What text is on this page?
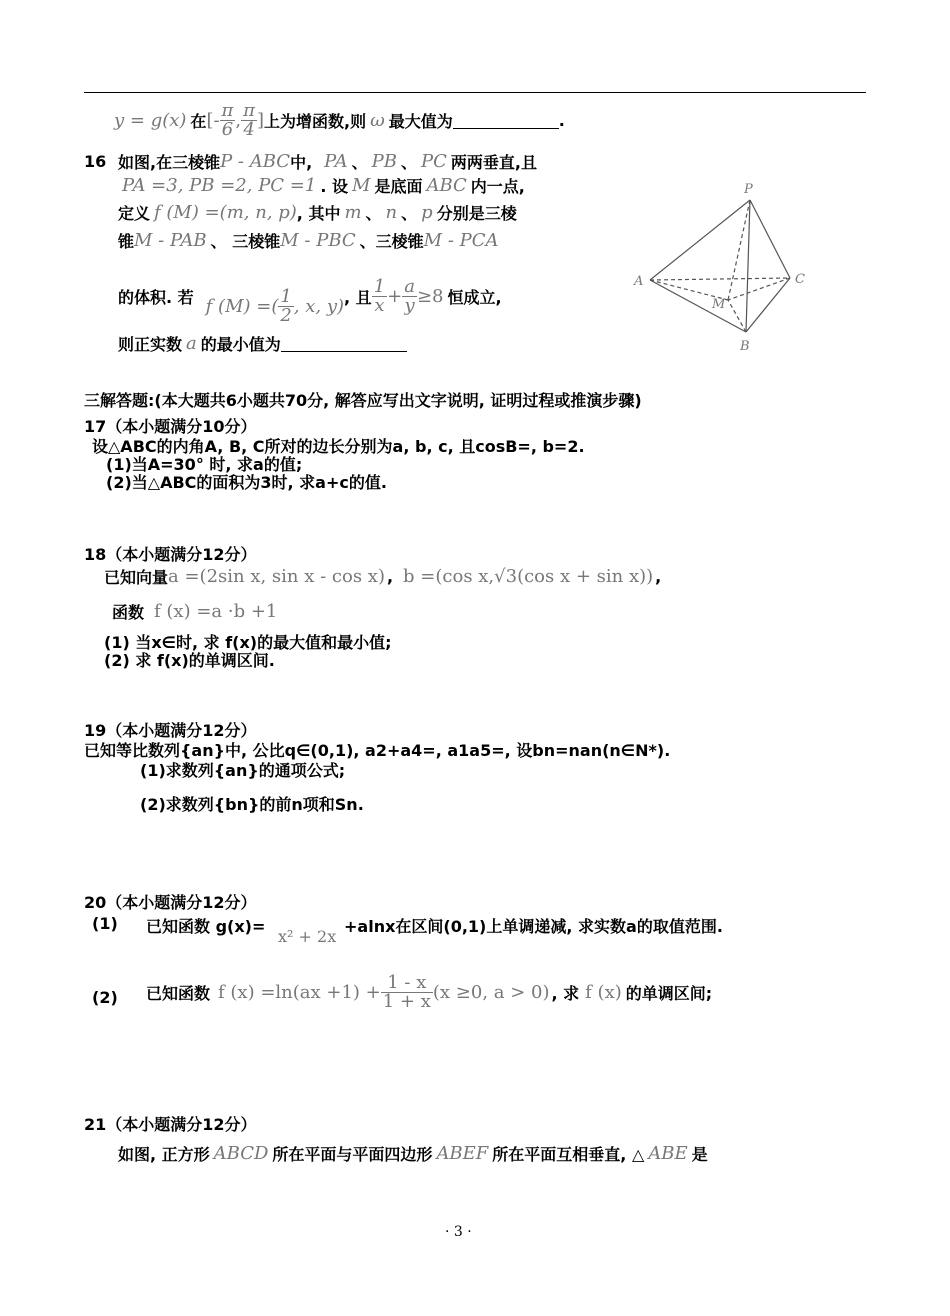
y = g(x) 在 [- $\frac{\pi}{6}$ , $\frac{\pi}{4}$ ] 上为增函数,则 ω 最大值为	.
16 如图,在三棱锥 P - ABC 中, PA 、 PB 、 PC 两两垂直,且
PA =3, PB =2, PC =1 . 设 M 是底面 ABC 内一点,
定义 f (M) =(m, n, p) , 其中 m 、 n 、 p 分别是三棱
锥 M - PAB 、 三棱锥 M - PBC 、三棱锥 M - PCA
的体积. 若 f (M) =( $\frac{1}{2}$ , x, y) , 且 $\frac{1}{x} + \frac{a}{y} \ge 8$ 恒成立,
则正实数 a 的最小值为
P
A	C
B
M
三解答题:(本大题共6小题共70分, 解答应写出文字说明, 证明过程或推演步骤)
17（本小题满分10分）
设△ABC的内角A, B, C所对的边长分别为a, b, c, 且cosB=, b=2.
(1)当A=30° 时, 求a的值;
(2)当△ABC的面积为3时, 求a+c的值.
18（本小题满分12分）
已知向量 a =(2sin x, sin x - cos x) , b =(cos x, √3 (cos x + sin x)) ,
函数 f (x) =a ·b +1
(1) 当x∈时, 求 f(x)的最大值和最小值;
(2) 求 f(x)的单调区间.
19（本小题满分12分）
已知等比数列{an}中, 公比q∈(0,1), a2+a4=, a1a5=, 设bn=nan(n∈N*).
(1)求数列{an}的通项公式;
(2)求数列{bn}的前n项和Sn.
20（本小题满分12分）
(1) 已知函数 g(x)=
x² + 2x
+alnx在区间(0,1)上单调递减, 求实数a的取值范围.
(2) 已知函数 f $(x) =\ln(ax +1) + \frac{1 - x}{1 + x} (x \ge 0$, a > 0) , 求 f (x) 的单调区间;
21（本小题满分12分）
如图, 正方形 ABCD 所在平面与平面四边形 ABEF 所在平面互相垂直, △ ABE 是
· 3 ·
